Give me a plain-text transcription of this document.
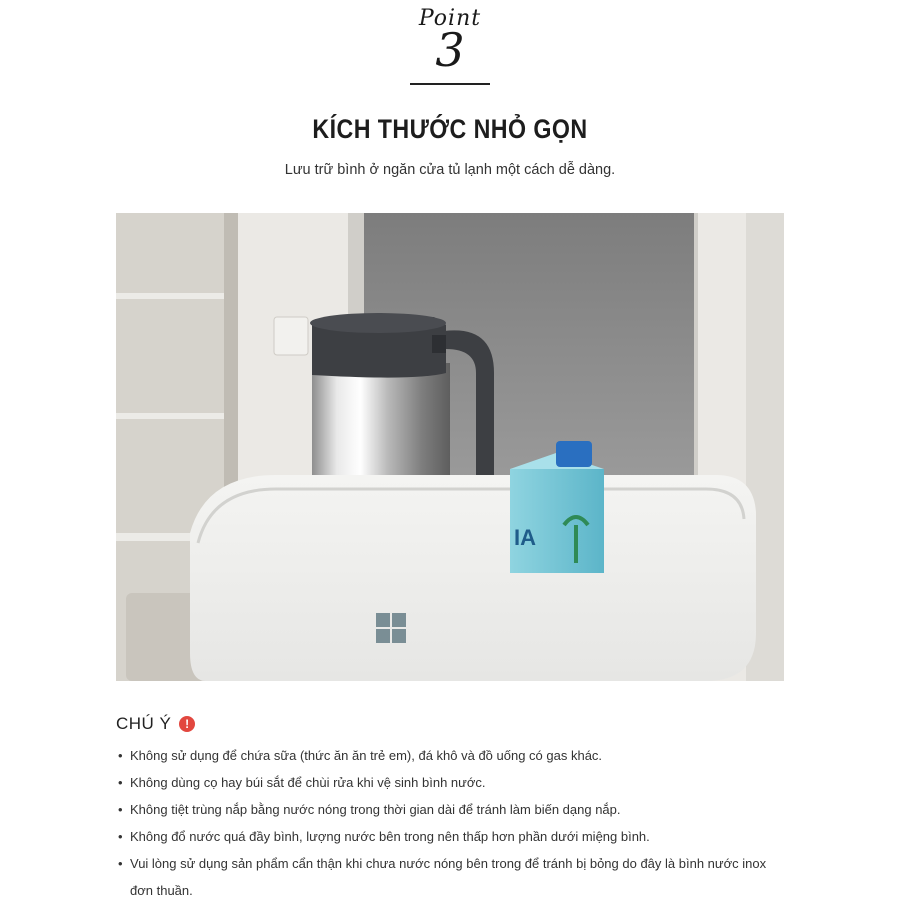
Point
3
KÍCH THƯỚC NHỎ GỌN
Lưu trữ bình ở ngăn cửa tủ lạnh một cách dễ dàng.
IA
CHÚ Ý	!
• Không sử dụng để chứa sữa (thức ăn ăn trẻ em), đá khô và đồ uống có gas khác.
• Không dùng cọ hay búi sắt để chùi rửa khi vệ sinh bình nước.
• Không tiệt trùng nắp bằng nước nóng trong thời gian dài để tránh làm biến dạng nắp.
• Không đổ nước quá đầy bình, lượng nước bên trong nên thấp hơn phần dưới miệng bình.
• Vui lòng sử dụng sản phẩm cẩn thận khi chưa nước nóng bên trong để tránh bị bỏng do đây là bình nước inox đơn thuần.
